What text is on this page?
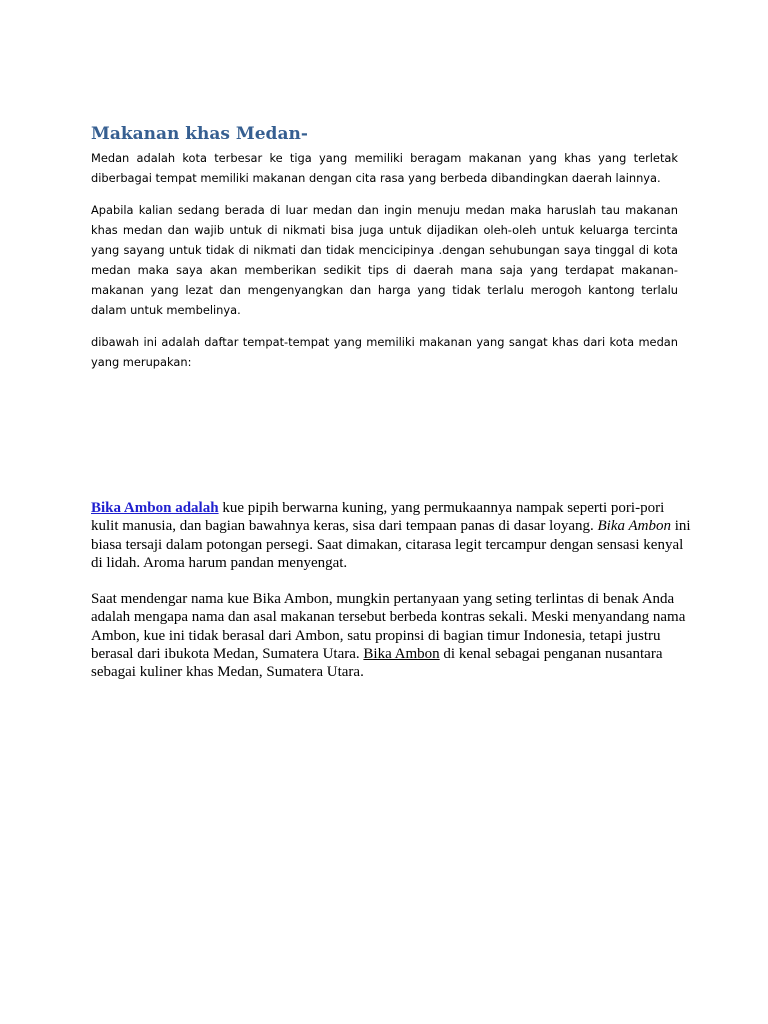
Makanan khas Medan-

Medan adalah kota terbesar ke tiga yang memiliki beragam makanan yang khas yang terletak diberbagai tempat memiliki makanan dengan cita rasa yang berbeda dibandingkan daerah lainnya.

Apabila kalian sedang berada di luar medan dan ingin menuju medan maka haruslah tau makanan khas medan dan wajib untuk di nikmati bisa juga untuk dijadikan oleh-oleh untuk keluarga tercinta yang sayang untuk tidak di nikmati dan tidak mencicipinya .dengan sehubungan saya tinggal di kota medan maka saya akan memberikan sedikit tips di daerah mana saja yang terdapat makanan-makanan yang lezat dan mengenyangkan dan harga yang tidak terlalu merogoh kantong terlalu dalam untuk membelinya.

dibawah ini adalah daftar tempat-tempat yang memiliki makanan yang sangat khas dari kota medan yang merupakan:

Bika Ambon adalah kue pipih berwarna kuning, yang permukaannya nampak seperti pori-pori kulit manusia, dan bagian bawahnya keras, sisa dari tempaan panas di dasar loyang. Bika Ambon ini biasa tersaji dalam potongan persegi. Saat dimakan, citarasa legit tercampur dengan sensasi kenyal di lidah. Aroma harum pandan menyengat.

Saat mendengar nama kue Bika Ambon, mungkin pertanyaan yang seting terlintas di benak Anda adalah mengapa nama dan asal makanan tersebut berbeda kontras sekali. Meski menyandang nama Ambon, kue ini tidak berasal dari Ambon, satu propinsi di bagian timur Indonesia, tetapi justru berasal dari ibukota Medan, Sumatera Utara. Bika Ambon di kenal sebagai penganan nusantara sebagai kuliner khas Medan, Sumatera Utara.
